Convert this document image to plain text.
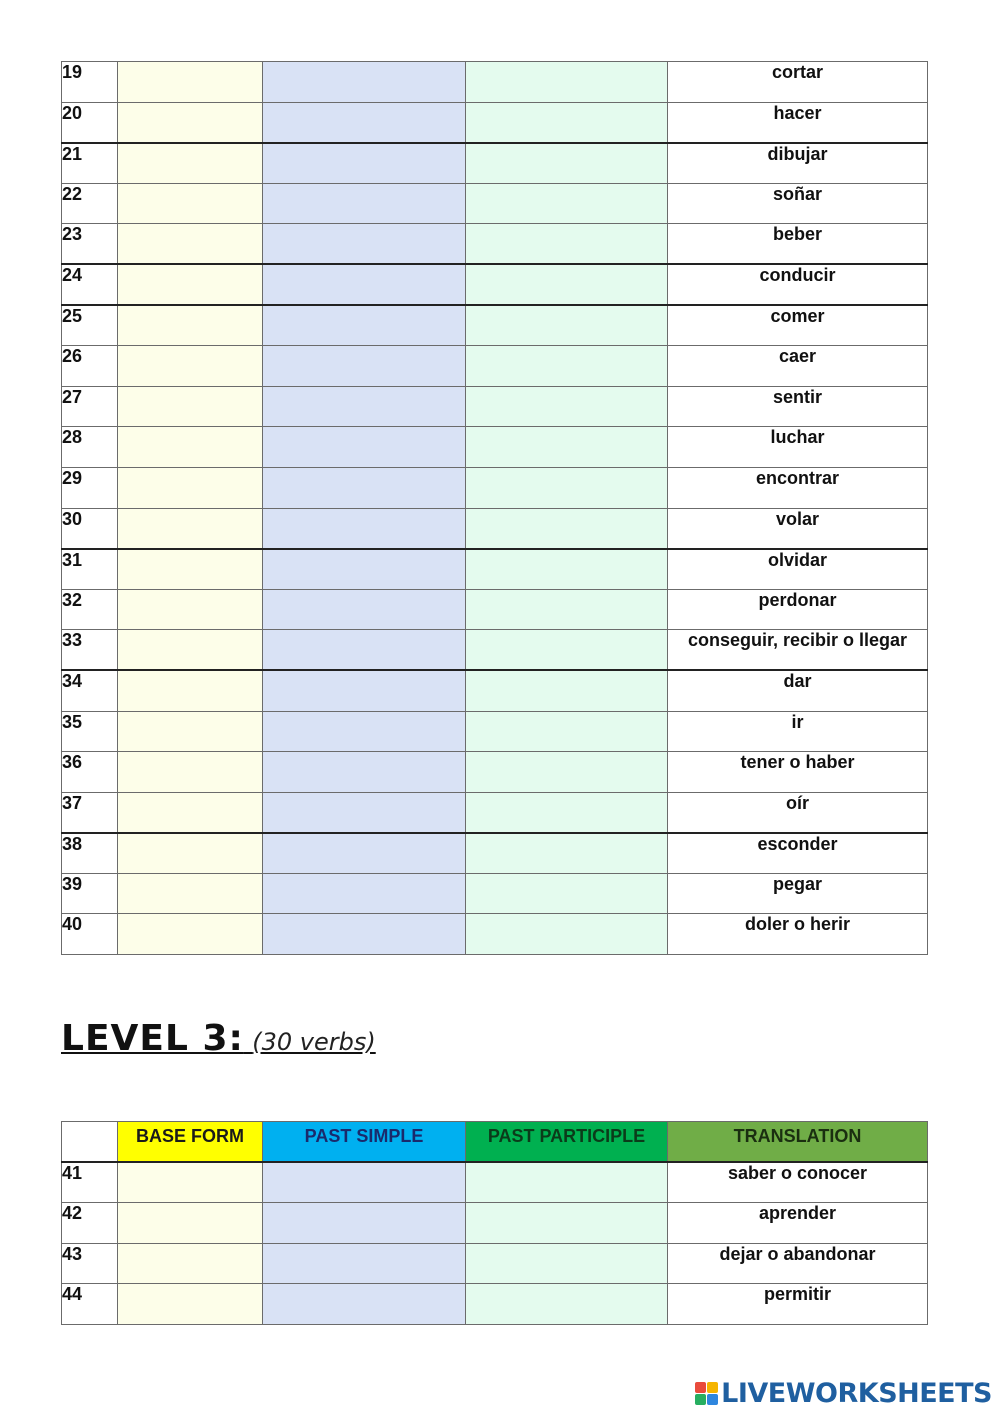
19				cortar
20				hacer
21				dibujar
22				soñar
23				beber
24				conducir
25				comer
26				caer
27				sentir
28				luchar
29				encontrar
30				volar
31				olvidar
32				perdonar
33				conseguir, recibir o llegar
34				dar
35				ir
36				tener o haber
37				oír
38				esconder
39				pegar
40				doler o herir
LEVEL 3: (30 verbs)
	BASE FORM	PAST SIMPLE	PAST PARTICIPLE	TRANSLATION
41				saber o conocer
42				aprender
43				dejar o abandonar
44				permitir
LIVEWORKSHEETS
